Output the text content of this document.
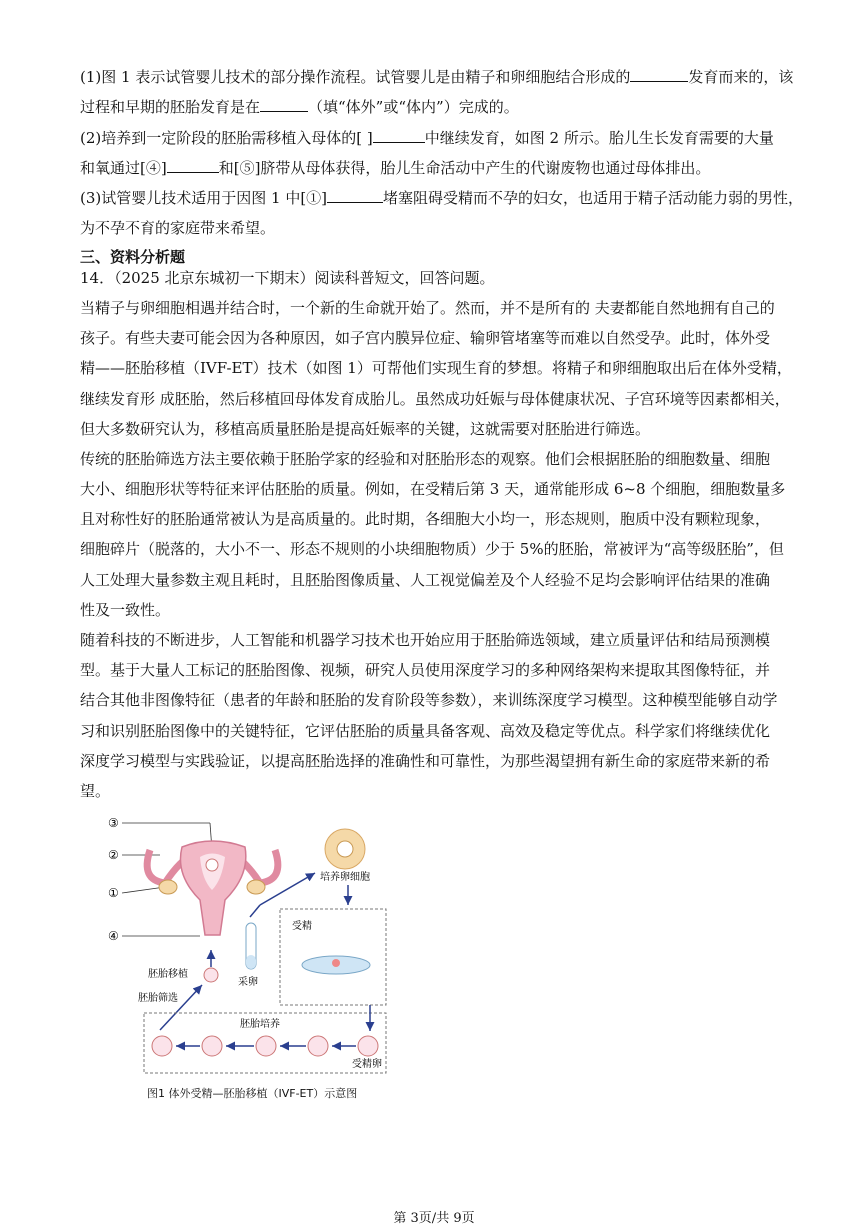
(1)图 1 表示试管婴儿技术的部分操作流程。试管婴儿是由精子和卵细胞结合形成的	发育而来的，该
过程和早期的胚胎发育是在	（填“体外”或“体内”）完成的。
(2)培养到一定阶段的胚胎需移植入母体的[ ]	中继续发育，如图 2 所示。胎儿生长发育需要的大量
和氧通过[④]	和[⑤]脐带从母体获得，胎儿生命活动中产生的代谢废物也通过母体排出。
(3)试管婴儿技术适用于因图 1 中[①]	堵塞阻碍受精而不孕的妇女，也适用于精子活动能力弱的男性，
为不孕不育的家庭带来希望。
三、资料分析题
14．（2025 北京东城初一下期末）阅读科普短文，回答问题。
当精子与卵细胞相遇并结合时，一个新的生命就开始了。然而，并不是所有的 夫妻都能自然地拥有自己的
孩子。有些夫妻可能会因为各种原因，如子宫内膜异位症、输卵管堵塞等而难以自然受孕。此时，体外受
精——胚胎移植（IVF-ET）技术（如图 1）可帮他们实现生育的梦想。将精子和卵细胞取出后在体外受精，
继续发育形 成胚胎，然后移植回母体发育成胎儿。虽然成功妊娠与母体健康状况、子宫环境等因素都相关，
但大多数研究认为，移植高质量胚胎是提高妊娠率的关键，这就需要对胚胎进行筛选。
传统的胚胎筛选方法主要依赖于胚胎学家的经验和对胚胎形态的观察。他们会根据胚胎的细胞数量、细胞
大小、细胞形状等特征来评估胚胎的质量。例如，在受精后第 3 天，通常能形成 6~8 个细胞，细胞数量多
且对称性好的胚胎通常被认为是高质量的。此时期，各细胞大小均一，形态规则，胞质中没有颗粒现象，
细胞碎片（脱落的，大小不一、形态不规则的小块细胞物质）少于 5%的胚胎，常被评为“高等级胚胎”，但
人工处理大量参数主观且耗时，且胚胎图像质量、人工视觉偏差及个人经验不足均会影响评估结果的准确
性及一致性。
随着科技的不断进步，人工智能和机器学习技术也开始应用于胚胎筛选领域，建立质量评估和结局预测模
型。基于大量人工标记的胚胎图像、视频，研究人员使用深度学习的多种网络架构来提取其图像特征，并
结合其他非图像特征（患者的年龄和胚胎的发育阶段等参数），来训练深度学习模型。这种模型能够自动学
习和识别胚胎图像中的关键特征，它评估胚胎的质量具备客观、高效及稳定等优点。科学家们将继续优化
深度学习模型与实践验证，以提高胚胎选择的准确性和可靠性，为那些渴望拥有新生命的家庭带来新的希
望。
③
②
①
④
培养卵细胞
受精
采卵
胚胎移植
胚胎筛选
胚胎培养
受精卵
图1 体外受精—胚胎移植（IVF-ET）示意图
第 3页/共 9页
